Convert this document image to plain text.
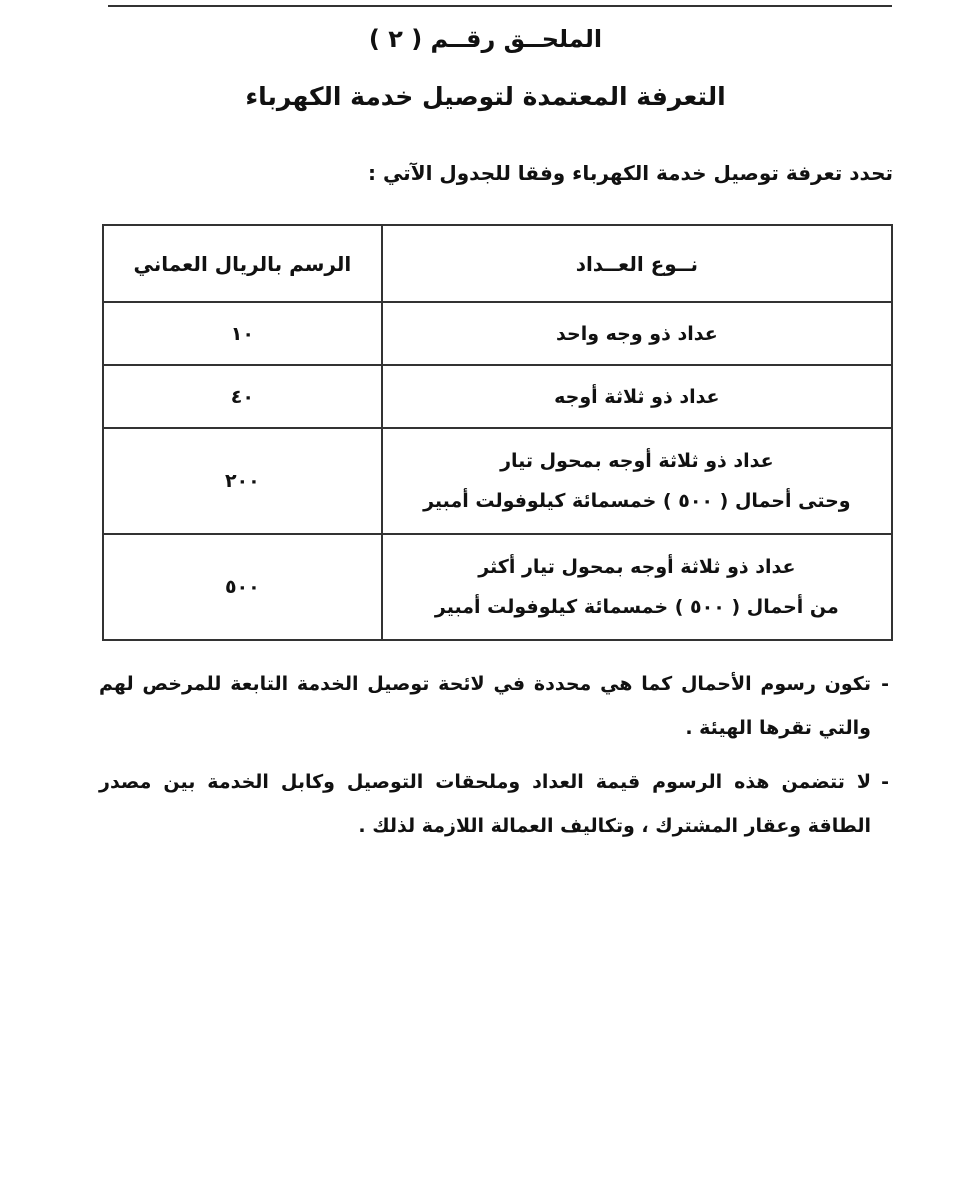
الملحــق رقــم ( ٢ )
التعرفة المعتمدة لتوصيل خدمة الكهرباء
تحدد تعرفة توصيل خدمة الكهرباء وفقا للجدول الآتي :
نــوع العــداد	الرسم بالريال العماني

عداد ذو وجه واحد	١٠

عداد ذو ثلاثة أوجه	٤٠

عداد ذو ثلاثة أوجه بمحول تيار
وحتى أحمال ( ٥٠٠ ) خمسمائة كيلوفولت أمبير	٢٠٠

عداد ذو ثلاثة أوجه بمحول تيار أكثر
من أحمال ( ٥٠٠ ) خمسمائة كيلوفولت أمبير	٥٠٠
-
تكون رسوم الأحمال كما هي محددة في لائحة توصيل الخدمة التابعة للمرخص لهم والتي تقرها الهيئة .
-
لا تتضمن هذه الرسوم قيمة العداد وملحقات التوصيل وكابل الخدمة بين مصدر الطاقة وعقار المشترك ، وتكاليف العمالة اللازمة لذلك .
